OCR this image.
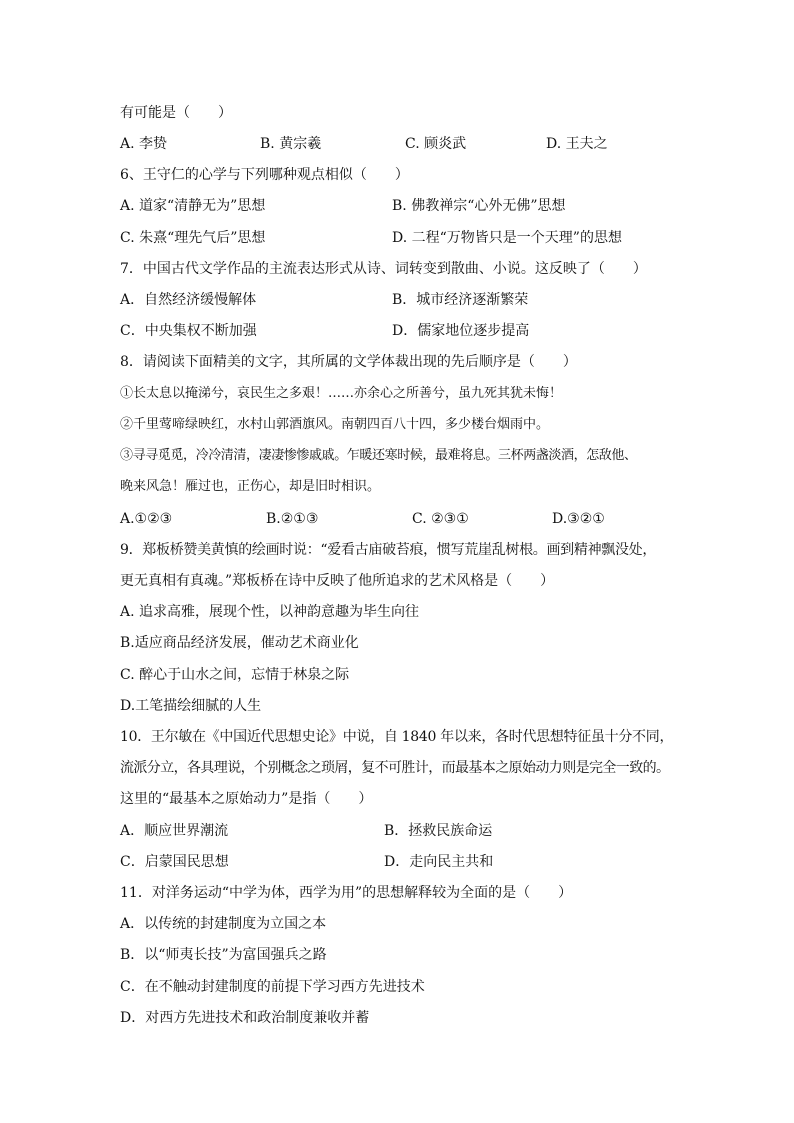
有可能是（　　）
A. 李贽	B. 黄宗羲	C. 顾炎武	D. 王夫之
6、王守仁的心学与下列哪种观点相似（　　）
A. 道家“清静无为”思想	B. 佛教禅宗“心外无佛”思想
C. 朱熹“理先气后”思想	D. 二程“万物皆只是一个天理”的思想
7．中国古代文学作品的主流表达形式从诗、词转变到散曲、小说。这反映了（　　）
A．自然经济缓慢解体	B．城市经济逐渐繁荣
C．中央集权不断加强	D．儒家地位逐步提高
8．请阅读下面精美的文字，其所属的文学体裁出现的先后顺序是（　　）
①长太息以掩涕兮，哀民生之多艰！……亦余心之所善兮，虽九死其犹未悔！
②千里莺啼绿映红，水村山郭酒旗风。南朝四百八十四，多少楼台烟雨中。
③寻寻觅觅，冷冷清清，凄凄惨惨戚戚。乍暖还寒时候，最难将息。三杯两盏淡酒，怎敌他、
晚来风急！雁过也，正伤心，却是旧时相识。
A.①②③	B.②①③	C. ②③①	D.③②①
9．郑板桥赞美黄慎的绘画时说：“爱看古庙破苔痕，惯写荒崖乱树根。画到精神飘没处，
更无真相有真魂。”郑板桥在诗中反映了他所追求的艺术风格是（　　）
A. 追求高雅，展现个性，以神韵意趣为毕生向往
B.适应商品经济发展，催动艺术商业化
C. 醉心于山水之间，忘情于林泉之际
D.工笔描绘细腻的人生
10．王尔敏在《中国近代思想史论》中说，自 1840 年以来，各时代思想特征虽十分不同，
流派分立，各具理说，个别概念之琐屑，复不可胜计，而最基本之原始动力则是完全一致的。
这里的“最基本之原始动力”是指（　　）
A．顺应世界潮流	B．拯救民族命运
C．启蒙国民思想	D．走向民主共和
11．对洋务运动“中学为体，西学为用”的思想解释较为全面的是（　　）
A．以传统的封建制度为立国之本
B．以“师夷长技”为富国强兵之路
C．在不触动封建制度的前提下学习西方先进技术
D．对西方先进技术和政治制度兼收并蓄
